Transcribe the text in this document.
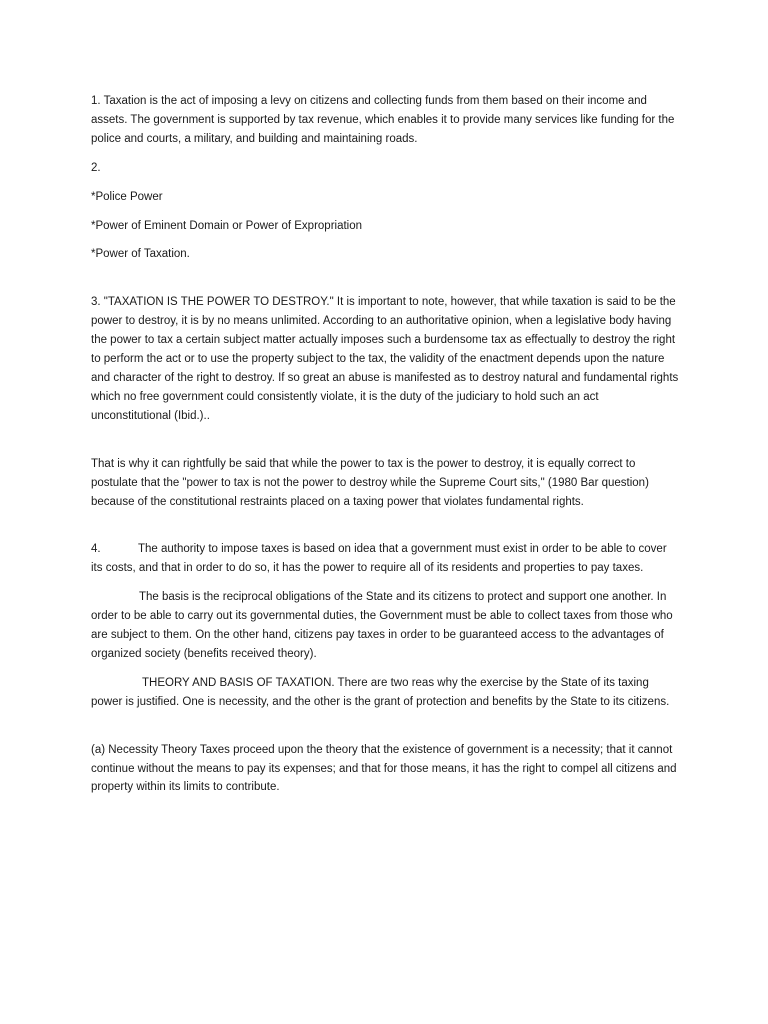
1. Taxation is the act of imposing a levy on citizens and collecting funds from them based on their income and assets. The government is supported by tax revenue, which enables it to provide many services like funding for the police and courts, a military, and building and maintaining roads.

2.

*Police Power

*Power of Eminent Domain or Power of Expropriation

*Power of Taxation.

3. "TAXATION IS THE POWER TO DESTROY." It is important to note, however, that while taxation is said to be the power to destroy, it is by no means unlimited. According to an authoritative opinion, when a legislative body having the power to tax a certain subject matter actually imposes such a burdensome tax as effectually to destroy the right to perform the act or to use the property subject to the tax, the validity of the enactment depends upon the nature and character of the right to destroy. If so great an abuse is manifested as to destroy natural and fundamental rights which no free government could consistently violate, it is the duty of the judiciary to hold such an act unconstitutional (Ibid.)..

That is why it can rightfully be said that while the power to tax is the power to destroy, it is equally correct to postulate that the "power to tax is not the power to destroy while the Supreme Court sits," (1980 Bar question) because of the constitutional restraints placed on a taxing power that violates fundamental rights.

4.	The authority to impose taxes is based on idea that a government must exist in order to be able to cover its costs, and that in order to do so, it has the power to require all of its residents and properties to pay taxes.

The basis is the reciprocal obligations of the State and its citizens to protect and support one another. In order to be able to carry out its governmental duties, the Government must be able to collect taxes from those who are subject to them. On the other hand, citizens pay taxes in order to be guaranteed access to the advantages of organized society (benefits received theory).

THEORY AND BASIS OF TAXATION. There are two reas why the exercise by the State of its taxing power is justified. One is necessity, and the other is the grant of protection and benefits by the State to its citizens.

(a) Necessity Theory Taxes proceed upon the theory that the existence of government is a necessity; that it cannot continue without the means to pay its expenses; and that for those means, it has the right to compel all citizens and property within its limits to contribute.
